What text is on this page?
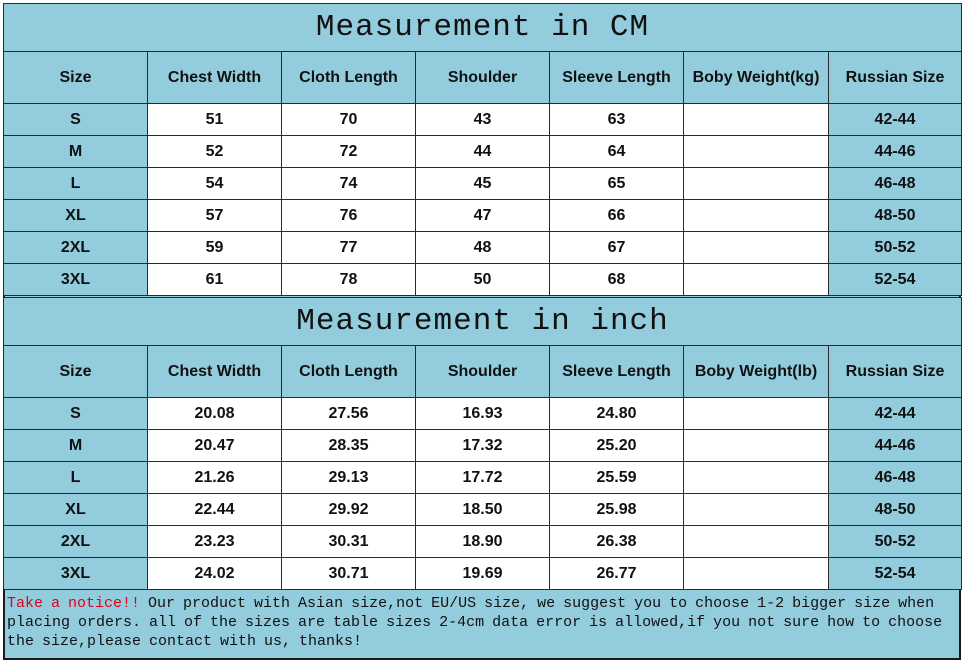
Measurement in CM						
Size	Chest Width	Cloth Length	Shoulder	Sleeve Length	Boby Weight(kg)	Russian Size
S	51	70	43	63		42-44
M	52	72	44	64		44-46
L	54	74	45	65		46-48
XL	57	76	47	66		48-50
2XL	59	77	48	67		50-52
3XL	61	78	50	68		52-54
Measurement in inch						
Size	Chest Width	Cloth Length	Shoulder	Sleeve Length	Boby Weight(lb)	Russian Size
S	20.08	27.56	16.93	24.80		42-44
M	20.47	28.35	17.32	25.20		44-46
L	21.26	29.13	17.72	25.59		46-48
XL	22.44	29.92	18.50	25.98		48-50
2XL	23.23	30.31	18.90	26.38		50-52
3XL	24.02	30.71	19.69	26.77		52-54
Take a notice!! Our product with Asian size,not EU/US size, we suggest you to choose 1-2 bigger size when placing orders. all of the sizes are table sizes 2-4cm data error is allowed,if you not sure how to choose the size,please contact with us, thanks!
